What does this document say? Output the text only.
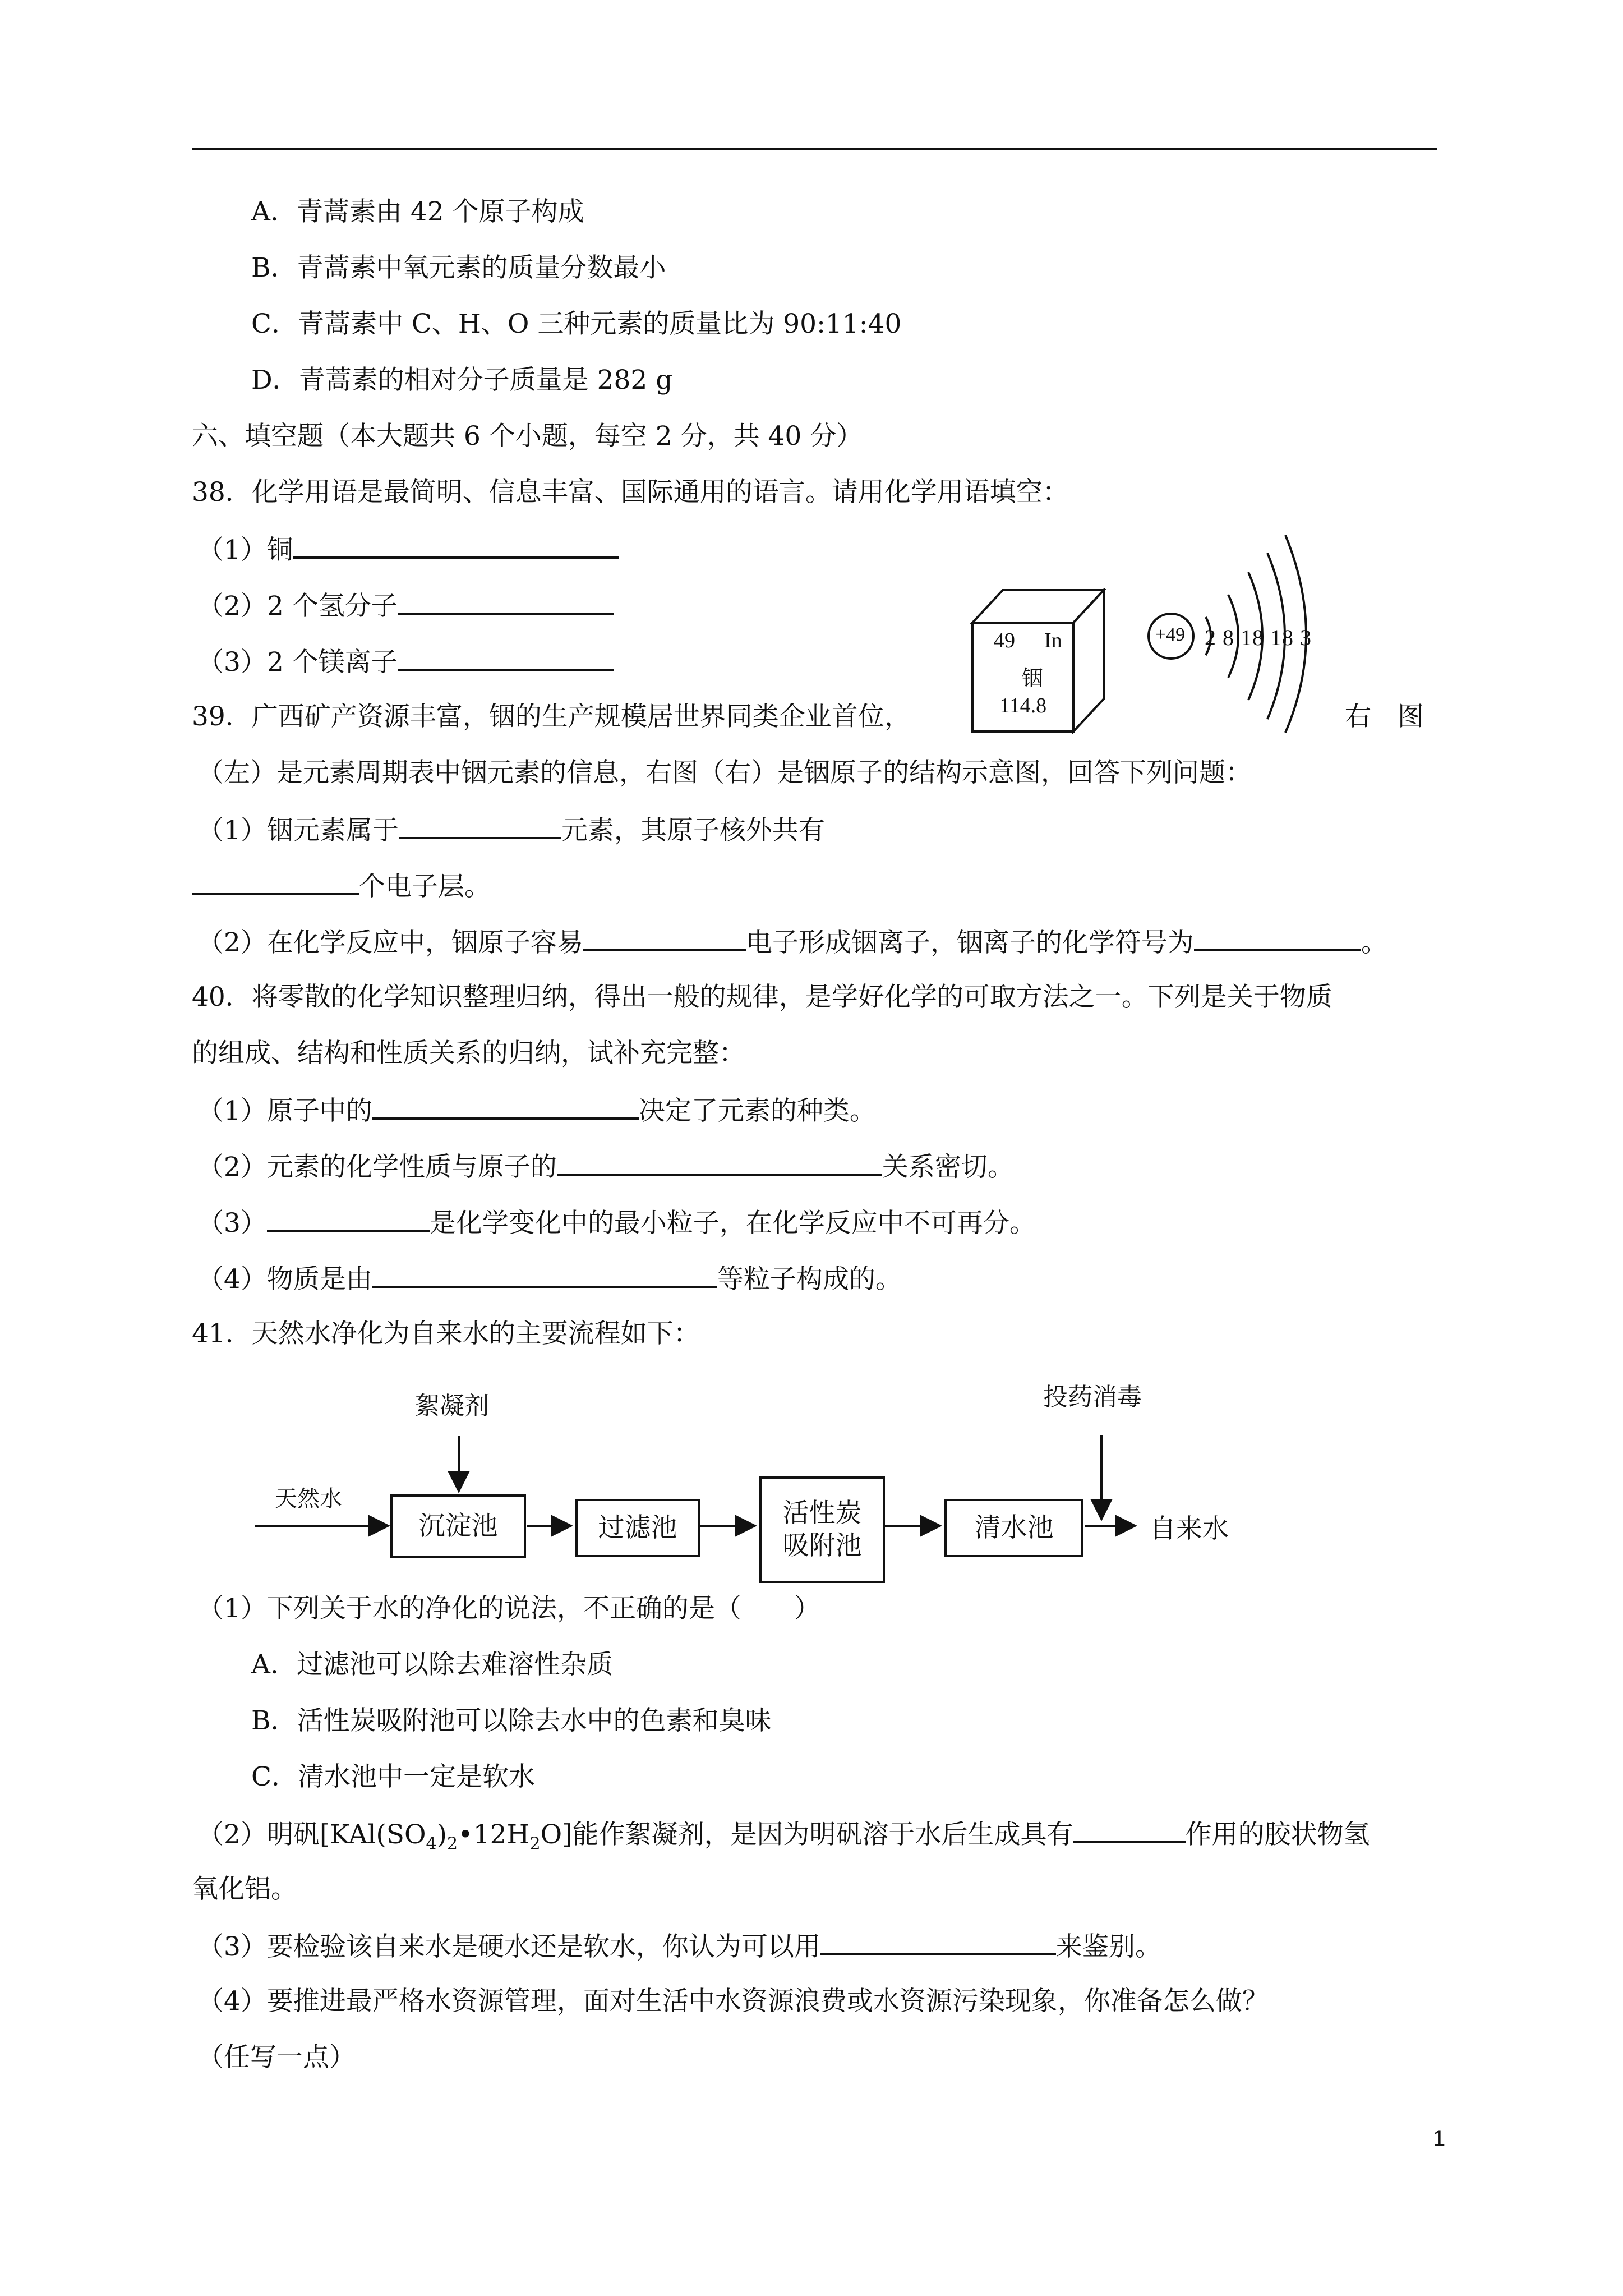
A．青蒿素由 42 个原子构成
B．青蒿素中氧元素的质量分数最小
C．青蒿素中 C、H、O 三种元素的质量比为 90:11:40
D．青蒿素的相对分子质量是 282 g
六、填空题（本大题共 6 个小题，每空 2 分，共 40 分）
38．化学用语是最简明、信息丰富、国际通用的语言。请用化学用语填空：
（1）铜
（2）2 个氢分子
（3）2 个镁离子
49 In
铟
114.8
+49 2 8 18 18 3
39．广西矿产资源丰富，铟的生产规模居世界同类企业首位，	右　图
（左）是元素周期表中铟元素的信息，右图（右）是铟原子的结构示意图，回答下列问题：
（1）铟元素属于	元素，其原子核外共有
个电子层。
（2）在化学反应中，铟原子容易	电子形成铟离子，铟离子的化学符号为	。
40．将零散的化学知识整理归纳，得出一般的规律，是学好化学的可取方法之一。下列是关于物质
的组成、结构和性质关系的归纳，试补充完整：
（1）原子中的	决定了元素的种类。
（2）元素的化学性质与原子的	关系密切。
（3）	是化学变化中的最小粒子，在化学反应中不可再分。
（4）物质是由	等粒子构成的。
41．天然水净化为自来水的主要流程如下：
天然水
絮凝剂	投药消毒
沉淀池	过滤池	活性炭
吸附池
清水池	自来水
（1）下列关于水的净化的说法，不正确的是（　　）
A．过滤池可以除去难溶性杂质
B．活性炭吸附池可以除去水中的色素和臭味
C．清水池中一定是软水
（2）明矾$[KAl(SO_4)_2•12H_2O]$能作絮凝剂，是因为明矾溶于水后生成具有	作用的胶状物氢
氧化铝。
（3）要检验该自来水是硬水还是软水，你认为可以用	来鉴别。
（4）要推进最严格水资源管理，面对生活中水资源浪费或水资源污染现象，你准备怎么做？
（任写一点）
1
